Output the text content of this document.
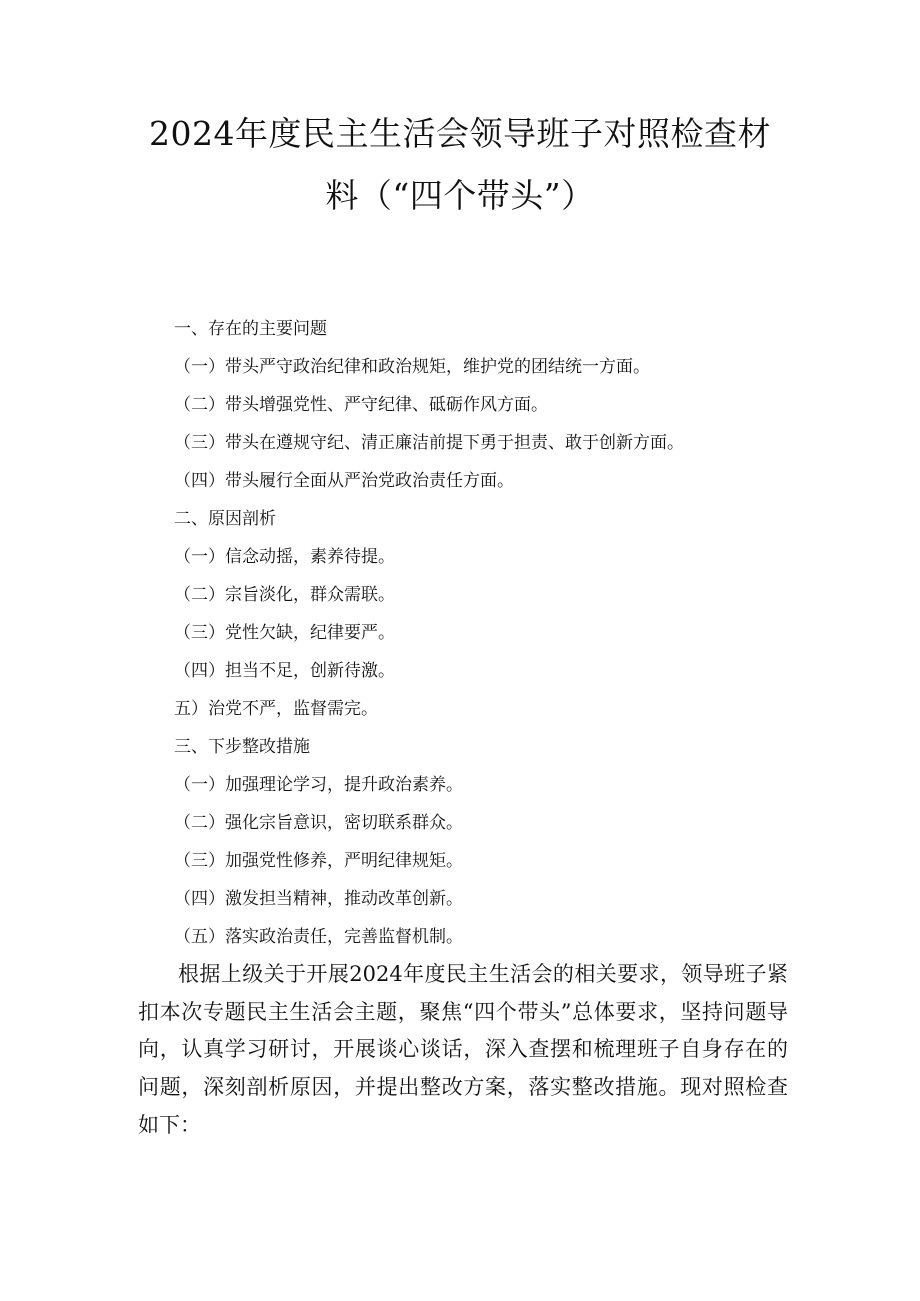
2024年度民主生活会领导班子对照检查材
料（“四个带头”）
一、存在的主要问题
（一）带头严守政治纪律和政治规矩，维护党的团结统一方面。
（二）带头增强党性、严守纪律、砥砺作风方面。
（三）带头在遵规守纪、清正廉洁前提下勇于担责、敢于创新方面。
（四）带头履行全面从严治党政治责任方面。
二、原因剖析
（一）信念动摇，素养待提。
（二）宗旨淡化，群众需联。
（三）党性欠缺，纪律要严。
（四）担当不足，创新待激。
五）治党不严，监督需完。
三、下步整改措施
（一）加强理论学习，提升政治素养。
（二）强化宗旨意识，密切联系群众。
（三）加强党性修养，严明纪律规矩。
（四）激发担当精神，推动改革创新。
（五）落实政治责任，完善监督机制。
根据上级关于开展2024年度民主生活会的相关要求，领导班子紧扣本次专题民主生活会主题，聚焦“四个带头”总体要求，坚持问题导向，认真学习研讨，开展谈心谈话，深入查摆和梳理班子自身存在的问题，深刻剖析原因，并提出整改方案，落实整改措施。现对照检查如下：
